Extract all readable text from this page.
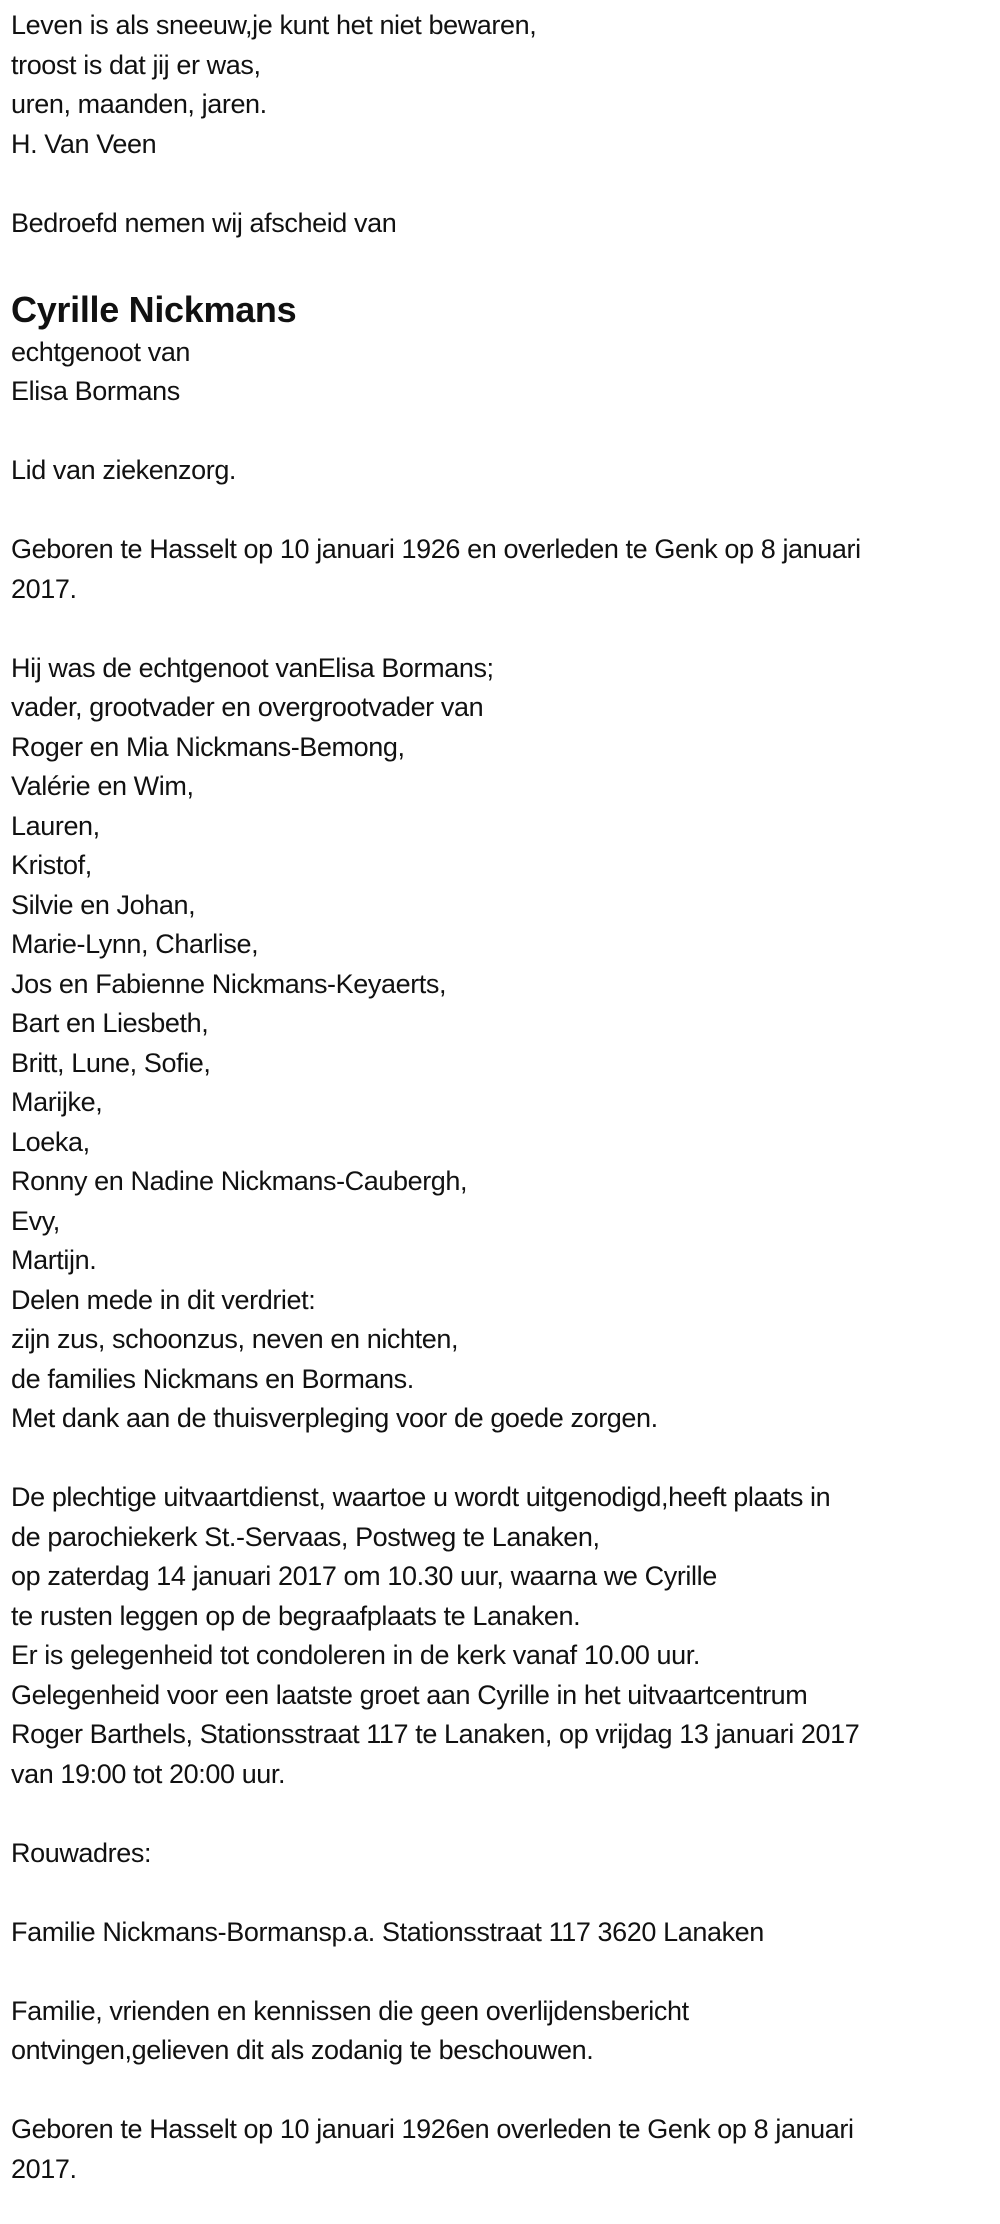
Leven is als sneeuw,je kunt het niet bewaren,
troost is dat jij er was,
uren, maanden, jaren.
H. Van Veen
Bedroefd nemen wij afscheid van
Cyrille Nickmans
echtgenoot van
Elisa Bormans
Lid van ziekenzorg.
Geboren te Hasselt op 10 januari 1926 en overleden te Genk op 8 januari
2017.
Hij was de echtgenoot vanElisa Bormans;
vader, grootvader en overgrootvader van
Roger en Mia Nickmans-Bemong,
Valérie en Wim,
Lauren,
Kristof,
Silvie en Johan,
Marie-Lynn, Charlise,
Jos en Fabienne Nickmans-Keyaerts,
Bart en Liesbeth,
Britt, Lune, Sofie,
Marijke,
Loeka,
Ronny en Nadine Nickmans-Caubergh,
Evy,
Martijn.
Delen mede in dit verdriet:
zijn zus, schoonzus, neven en nichten,
de families Nickmans en Bormans.
Met dank aan de thuisverpleging voor de goede zorgen.
De plechtige uitvaartdienst, waartoe u wordt uitgenodigd,heeft plaats in
de parochiekerk St.-Servaas, Postweg te Lanaken,
op zaterdag 14 januari 2017 om 10.30 uur, waarna we Cyrille
te rusten leggen op de begraafplaats te Lanaken.
Er is gelegenheid tot condoleren in de kerk vanaf 10.00 uur.
Gelegenheid voor een laatste groet aan Cyrille in het uitvaartcentrum
Roger Barthels, Stationsstraat 117 te Lanaken, op vrijdag 13 januari 2017
van 19:00 tot 20:00 uur.
Rouwadres:
Familie Nickmans-Bormansp.a. Stationsstraat 117 3620 Lanaken
Familie, vrienden en kennissen die geen overlijdensbericht
ontvingen,gelieven dit als zodanig te beschouwen.
Geboren te Hasselt op 10 januari 1926en overleden te Genk op 8 januari
2017.
